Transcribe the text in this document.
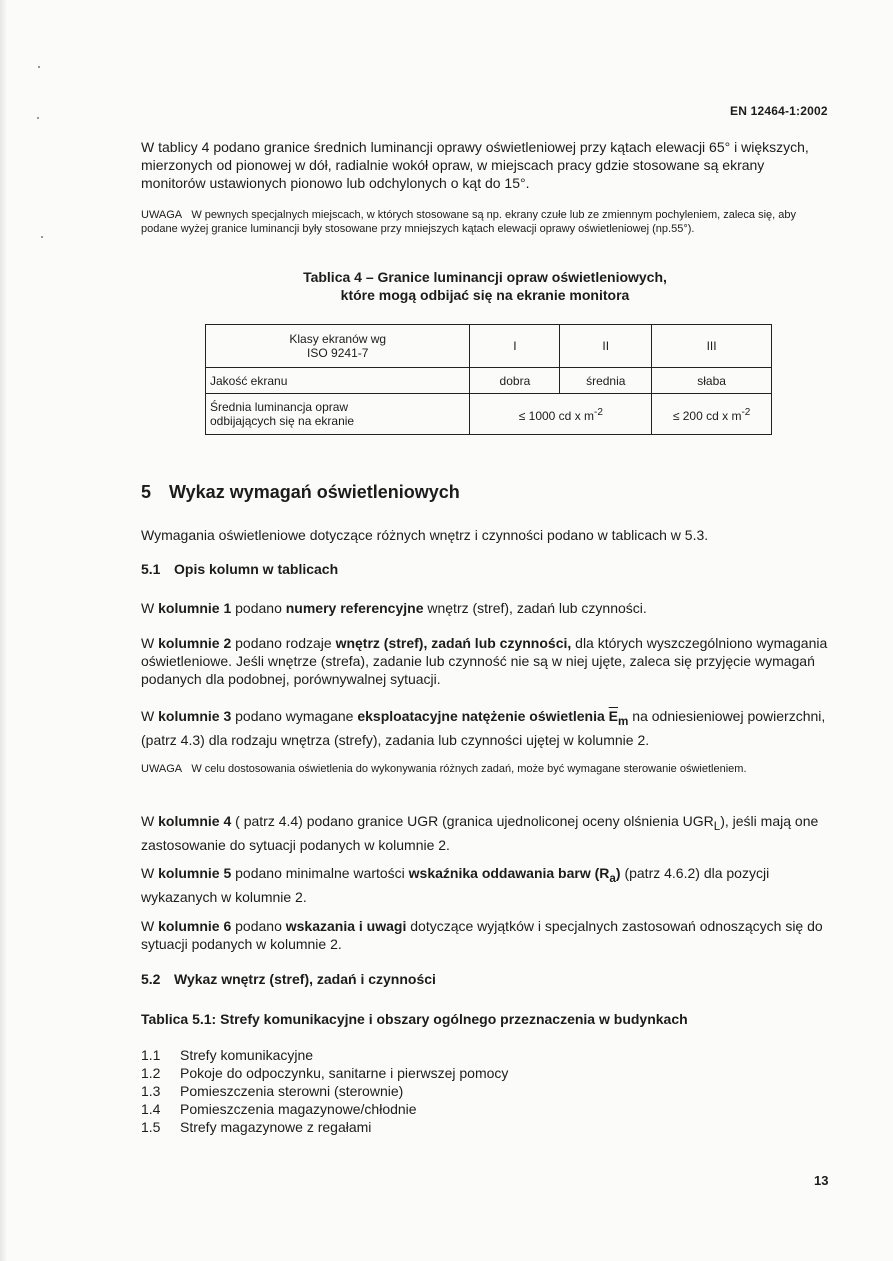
EN 12464-1:2002
W tablicy 4 podano granice średnich luminancji oprawy oświetleniowej przy kątach elewacji 65° i większych, mierzonych od pionowej w dół, radialnie wokół opraw, w miejscach pracy gdzie stosowane są ekrany monitorów ustawionych pionowo lub odchylonych o kąt do 15°.
UWAGA W pewnych specjalnych miejscach, w których stosowane są np. ekrany czułe lub ze zmiennym pochyleniem, zaleca się, aby podane wyżej granice luminancji były stosowane przy mniejszych kątach elewacji oprawy oświetleniowej (np.55°).
Tablica 4 – Granice luminancji opraw oświetleniowych,
które mogą odbijać się na ekranie monitora
Klasy ekranów wg
ISO 9241-7	I	II	III
Jakość ekranu	dobra	średnia	słaba

Średnia luminancja opraw
odbijających się na ekranie	≤ 1000 cd x $m^{-2}$		≤ 200 cd x $m^{-2}$
5 Wykaz wymagań oświetleniowych
Wymagania oświetleniowe dotyczące różnych wnętrz i czynności podano w tablicach w 5.3.
5.1 Opis kolumn w tablicach
W kolumnie 1 podano numery referencyjne wnętrz (stref), zadań lub czynności.
W kolumnie 2 podano rodzaje wnętrz (stref), zadań lub czynności, dla których wyszczególniono wymagania oświetleniowe. Jeśli wnętrze (strefa), zadanie lub czynność nie są w niej ujęte, zaleca się przyjęcie wymagań podanych dla podobnej, porównywalnej sytuacji.
W kolumnie 3 podano wymagane eksploatacyjne natężenie oświetlenia $\overline{E}_m$ na odniesieniowej powierzchni, (patrz 4.3) dla rodzaju wnętrza (strefy), zadania lub czynności ujętej w kolumnie 2.
UWAGA W celu dostosowania oświetlenia do wykonywania różnych zadań, może być wymagane sterowanie oświetleniem.
W kolumnie 4 ( patrz 4.4) podano granice UGR (granica ujednoliconej oceny olśnienia $UGR_L$), jeśli mają one zastosowanie do sytuacji podanych w kolumnie 2.
W kolumnie 5 podano minimalne wartości wskaźnika oddawania barw $(R_a)$ (patrz 4.6.2) dla pozycji wykazanych w kolumnie 2.
W kolumnie 6 podano wskazania i uwagi dotyczące wyjątków i specjalnych zastosowań odnoszących się do sytuacji podanych w kolumnie 2.
5.2 Wykaz wnętrz (stref), zadań i czynności
Tablica 5.1: Strefy komunikacyjne i obszary ogólnego przeznaczenia w budynkach
1.1 Strefy komunikacyjne
1.2 Pokoje do odpoczynku, sanitarne i pierwszej pomocy
1.3 Pomieszczenia sterowni (sterownie)
1.4 Pomieszczenia magazynowe/chłodnie
1.5 Strefy magazynowe z regałami
13
